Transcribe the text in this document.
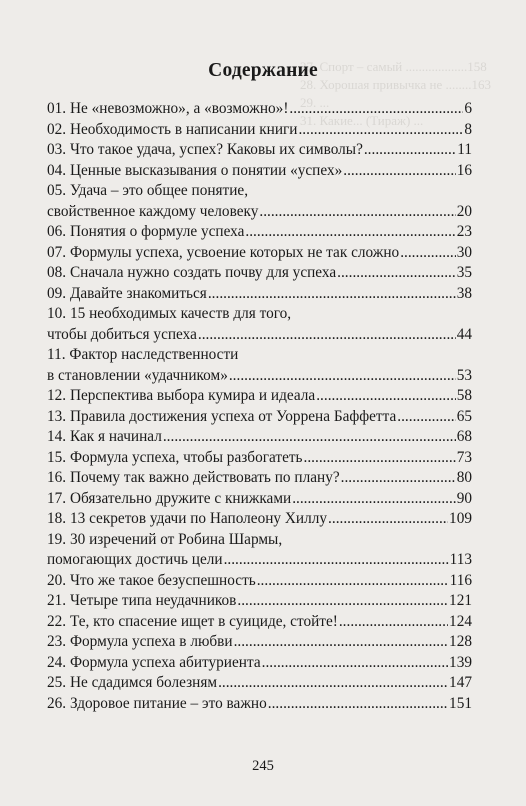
27. Спорт – самый ...................158
28. Хорошая привычка не ........163
29. ...
31. Какие... (Тираж) ...

Содержание
01. Не «невозможно», а «возможно»! .....	6
02. Необходимость в написании книги .....	8
03. Что такое удача, успех? Каковы их символы? .....	11
04. Ценные высказывания о понятии «успех» .....	16
05. Удача – это общее понятие,
свойственное каждому человеку .....	20
06. Понятия о формуле успеха .....	23
07. Формулы успеха, усвоение которых не так сложно .....	30
08. Сначала нужно создать почву для успеха .....	35
09. Давайте знакомиться .....	38
10. 15 необходимых качеств для того,
чтобы добиться успеха .....	44
11. Фактор наследственности
в становлении «удачником» .....	53
12. Перспектива выбора кумира и идеала .....	58
13. Правила достижения успеха от Уоррена Баффетта .....	65
14. Как я начинал .....	68
15. Формула успеха, чтобы разбогатеть .....	73
16. Почему так важно действовать по плану? .....	80
17. Обязательно дружите с книжками .....	90
18. 13 секретов удачи по Наполеону Хиллу .....	109
19. 30 изречений от Робина Шармы,
помогающих достичь цели .....	113
20. Что же такое безуспешность .....	116
21. Четыре типа неудачников .....	121
22. Те, кто спасение ищет в суициде, стойте! .....	124
23. Формула успеха в любви .....	128
24. Формула успеха абитуриента .....	139
25. Не сдадимся болезням .....	147
26. Здоровое питание – это важно .....	151
245
